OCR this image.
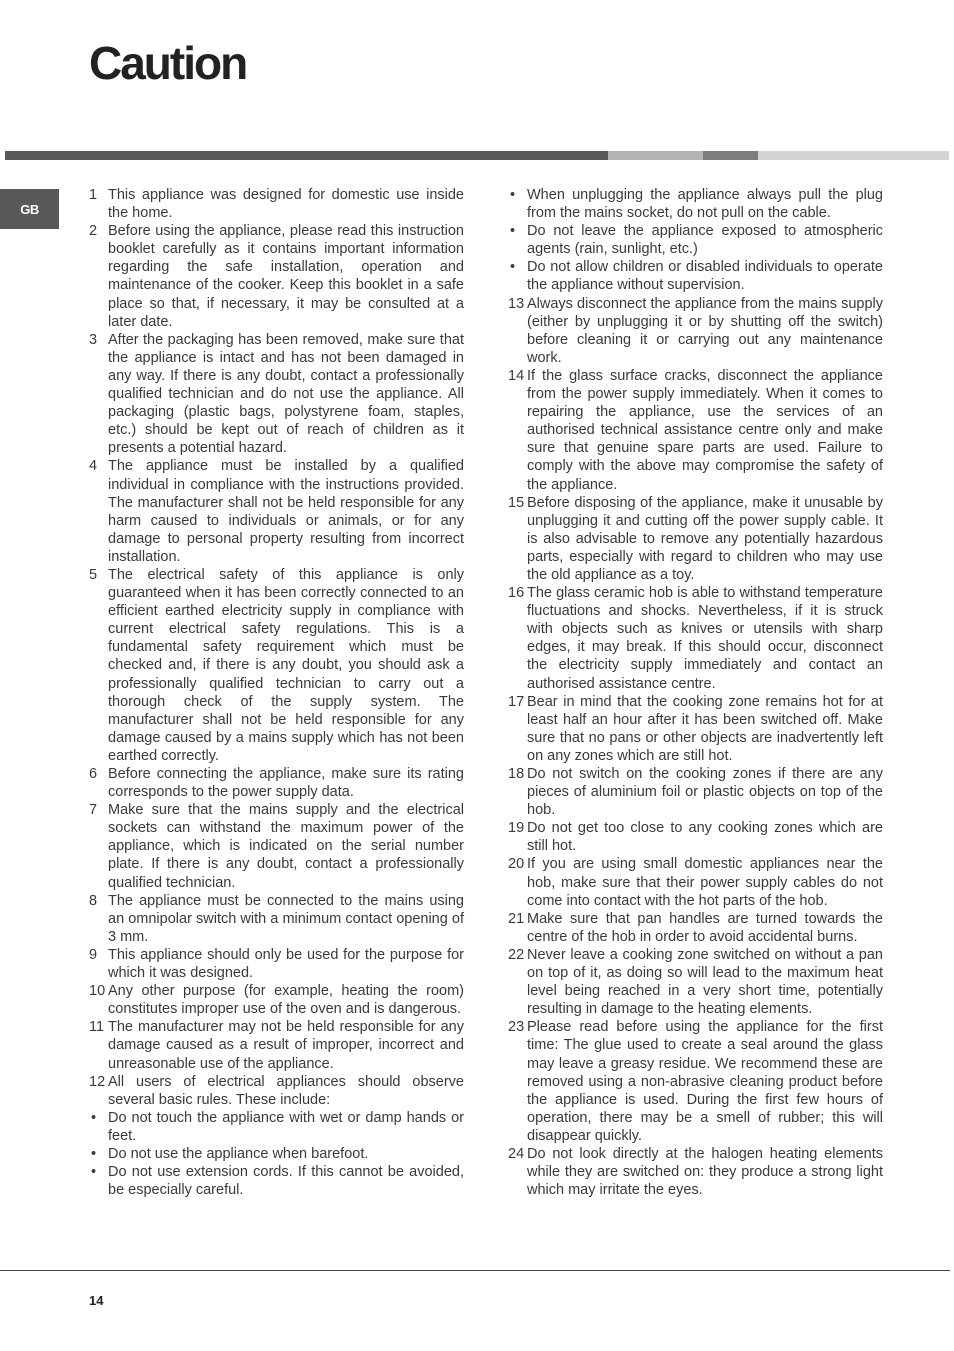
Caution
GB
1 This appliance was designed for domestic use inside the home.
2 Before using the appliance, please read this instruction booklet carefully as it contains important information regarding the safe installation, operation and maintenance of the cooker. Keep this booklet in a safe place so that, if necessary, it may be consulted at a later date.
3 After the packaging has been removed, make sure that the appliance is intact and has not been damaged in any way. If there is any doubt, contact a professionally qualified technician and do not use the appliance. All packaging (plastic bags, polystyrene foam, staples, etc.) should be kept out of reach of children as it presents a potential hazard.
4 The appliance must be installed by a qualified individual in compliance with the instructions provided. The manufacturer shall not be held responsible for any harm caused to individuals or animals, or for any damage to personal property resulting from incorrect installation.
5 The electrical safety of this appliance is only guaranteed when it has been correctly connected to an efficient earthed electricity supply in compliance with current electrical safety regulations. This is a fundamental safety requirement which must be checked and, if there is any doubt, you should ask a professionally qualified technician to carry out a thorough check of the supply system. The manufacturer shall not be held responsible for any damage caused by a mains supply which has not been earthed correctly.
6 Before connecting the appliance, make sure its rating corresponds to the power supply data.
7 Make sure that the mains supply and the electrical sockets can withstand the maximum power of the appliance, which is indicated on the serial number plate. If there is any doubt, contact a professionally qualified technician.
8 The appliance must be connected to the mains using an omnipolar switch with a minimum contact opening of 3 mm.
9 This appliance should only be used for the purpose for which it was designed.
10 Any other purpose (for example, heating the room) constitutes improper use of the oven and is dangerous.
11 The manufacturer may not be held responsible for any damage caused as a result of improper, incorrect and unreasonable use of the appliance.
12 All users of electrical appliances should observe several basic rules. These include:
• Do not touch the appliance with wet or damp hands or feet.
• Do not use the appliance when barefoot.
• Do not use extension cords. If this cannot be avoided, be especially careful.
• When unplugging the appliance always pull the plug from the mains socket, do not pull on the cable.
• Do not leave the appliance exposed to atmospheric agents (rain, sunlight, etc.)
• Do not allow children or disabled individuals to operate the appliance without supervision.
13 Always disconnect the appliance from the mains supply (either by unplugging it or by shutting off the switch) before cleaning it or carrying out any maintenance work.
14 If the glass surface cracks, disconnect the appliance from the power supply immediately. When it comes to repairing the appliance, use the services of an authorised technical assistance centre only and make sure that genuine spare parts are used. Failure to comply with the above may compromise the safety of the appliance.
15 Before disposing of the appliance, make it unusable by unplugging it and cutting off the power supply cable. It is also advisable to remove any potentially hazardous parts, especially with regard to children who may use the old appliance as a toy.
16 The glass ceramic hob is able to withstand temperature fluctuations and shocks. Nevertheless, if it is struck with objects such as knives or utensils with sharp edges, it may break. If this should occur, disconnect the electricity supply immediately and contact an authorised assistance centre.
17 Bear in mind that the cooking zone remains hot for at least half an hour after it has been switched off. Make sure that no pans or other objects are inadvertently left on any zones which are still hot.
18 Do not switch on the cooking zones if there are any pieces of aluminium foil or plastic objects on top of the hob.
19 Do not get too close to any cooking zones which are still hot.
20 If you are using small domestic appliances near the hob, make sure that their power supply cables do not come into contact with the hot parts of the hob.
21 Make sure that pan handles are turned towards the centre of the hob in order to avoid accidental burns.
22 Never leave a cooking zone switched on without a pan on top of it, as doing so will lead to the maximum heat level being reached in a very short time, potentially resulting in damage to the heating elements.
23 Please read before using the appliance for the first time: The glue used to create a seal around the glass may leave a greasy residue. We recommend these are removed using a non-abrasive cleaning product before the appliance is used. During the first few hours of operation, there may be a smell of rubber; this will disappear quickly.
24 Do not look directly at the halogen heating elements while they are switched on: they produce a strong light which may irritate the eyes.
14
